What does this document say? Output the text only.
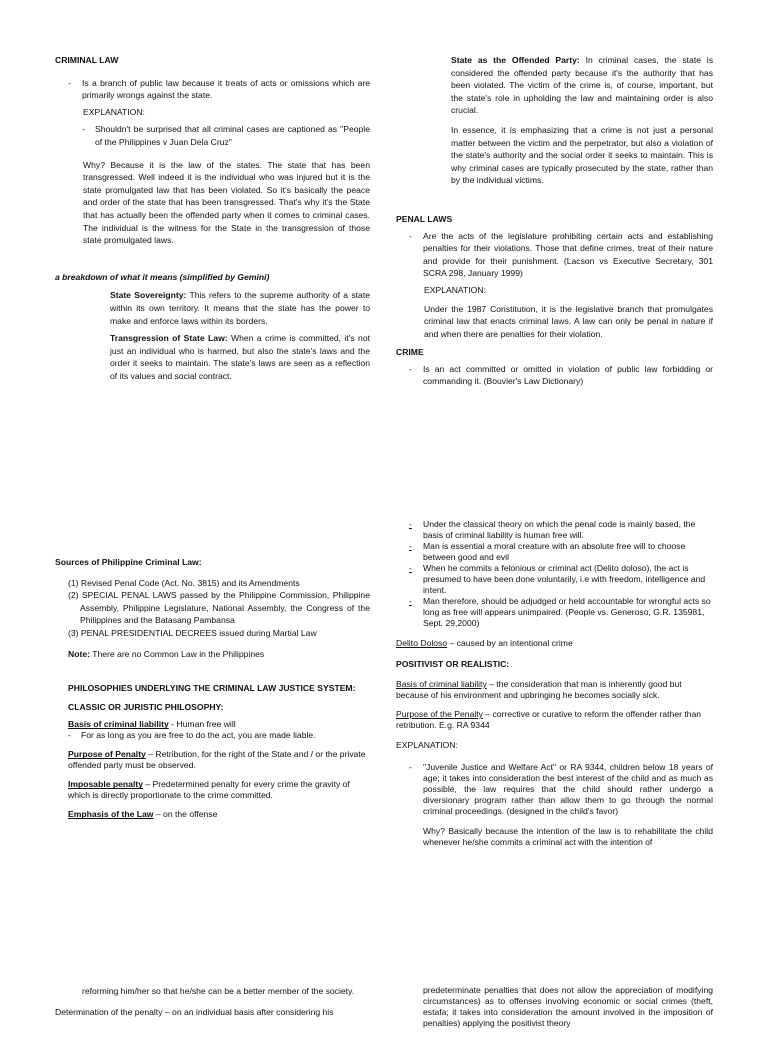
CRIMINAL LAW

- Is a branch of public law because it treats of acts or omissions which are primarily wrongs against the state.

EXPLANATION:

- Shouldn't be surprised that all criminal cases are captioned as "People of the Philippines v Juan Dela Cruz"

Why? Because it is the law of the states. The state that has been transgressed. Well indeed it is the individual who was injured but it is the state promulgated law that has been violated. So it's basically the peace and order of the state that has been transgressed. That's why it's the State that has actually been the offended party when it comes to criminal cases. The individual is the witness for the State in the transgression of those state promulgated laws.

a breakdown of what it means (simplified by Gemini)

State Sovereignty: This refers to the supreme authority of a state within its own territory. It means that the state has the power to make and enforce laws within its borders.

Transgression of State Law: When a crime is committed, it's not just an individual who is harmed, but also the state's laws and the order it seeks to maintain. The state's laws are seen as a reflection of its values and social contract.

State as the Offended Party: In criminal cases, the state is considered the offended party because it's the authority that has been violated. The victim of the crime is, of course, important, but the state's role in upholding the law and maintaining order is also crucial.

In essence, it is emphasizing that a crime is not just a personal matter between the victim and the perpetrator, but also a violation of the state's authority and the social order it seeks to maintain. This is why criminal cases are typically prosecuted by the state, rather than by the individual victims.

PENAL LAWS

- Are the acts of the legislature prohibiting certain acts and establishing penalties for their violations. Those that define crimes, treat of their nature and provide for their punishment. (Lacson vs Executive Secretary, 301 SCRA 298, January 1999)

EXPLANATION:

Under the 1987 Constitution, it is the legislative branch that promulgates criminal law that enacts criminal laws. A law can only be penal in nature if and when there are penalties for their violation.

CRIME

- Is an act committed or omitted in violation of public law forbidding or commanding it. (Bouvier's Law Dictionary)

Sources of Philippine Criminal Law:

(1) Revised Penal Code (Act. No. 3815) and its Amendments

(2) SPECIAL PENAL LAWS passed by the Philippine Commission, Philippine Assembly, Philippine Legislature, National Assembly, the Congress of the Philippines and the Batasang Pambansa

(3) PENAL PRESIDENTIAL DECREES issued during Martial Law

Note: There are no Common Law in the Philippines

PHILOSOPHIES UNDERLYING THE CRIMINAL LAW JUSTICE SYSTEM:

CLASSIC OR JURISTIC PHILOSOPHY:

Basis of criminal liability - Human free will
- For as long as you are free to do the act, you are made liable.

Purpose of Penalty – Retribution, for the right of the State and / or the private offended party must be observed.

Imposable penalty – Predetermined penalty for every crime the gravity of which is directly proportionate to the crime committed.

Emphasis of the Law – on the offense

- Under the classical theory on which the penal code is mainly based, the basis of criminal liability is human free will.
- Man is essential a moral creature with an absolute free will to choose between good and evil
- When he commits a felonious or criminal act (Delito doloso), the act is presumed to have been done voluntarily, i.e with freedom, intelligence and intent.
- Man therefore, should be adjudged or held accountable for wrongful acts so long as free will appears unimpaired. (People vs. Generoso, G.R. 135981, Sept. 29,2000)

Delito Doloso – caused by an intentional crime

POSITIVIST OR REALISTIC:

Basis of criminal liability – the consideration that man is inherently good but because of his environment and upbringing he becomes socially sick.

Purpose of the Penalty – corrective or curative to reform the offender rather than retribution. E.g. RA 9344

EXPLANATION:

- "Juvenile Justice and Welfare Act" or RA 9344, children below 18 years of age; it takes into consideration the best interest of the child and as much as possible, the law requires that the child should rather undergo a diversionary program rather than allow them to go through the normal criminal proceedings. (designed in the child's favor)

Why? Basically because the intention of the law is to rehabilitate the child whenever he/she commits a criminal act with the intention of

reforming him/her so that he/she can be a better member of the society.

Determination of the penalty – on an individual basis after considering his

predeterminate penalties that does not allow the appreciation of modifying circumstances) as to offenses involving economic or social crimes (theft, estafa; it takes into consideration the amount involved in the imposition of penalties) applying the positivist theory
